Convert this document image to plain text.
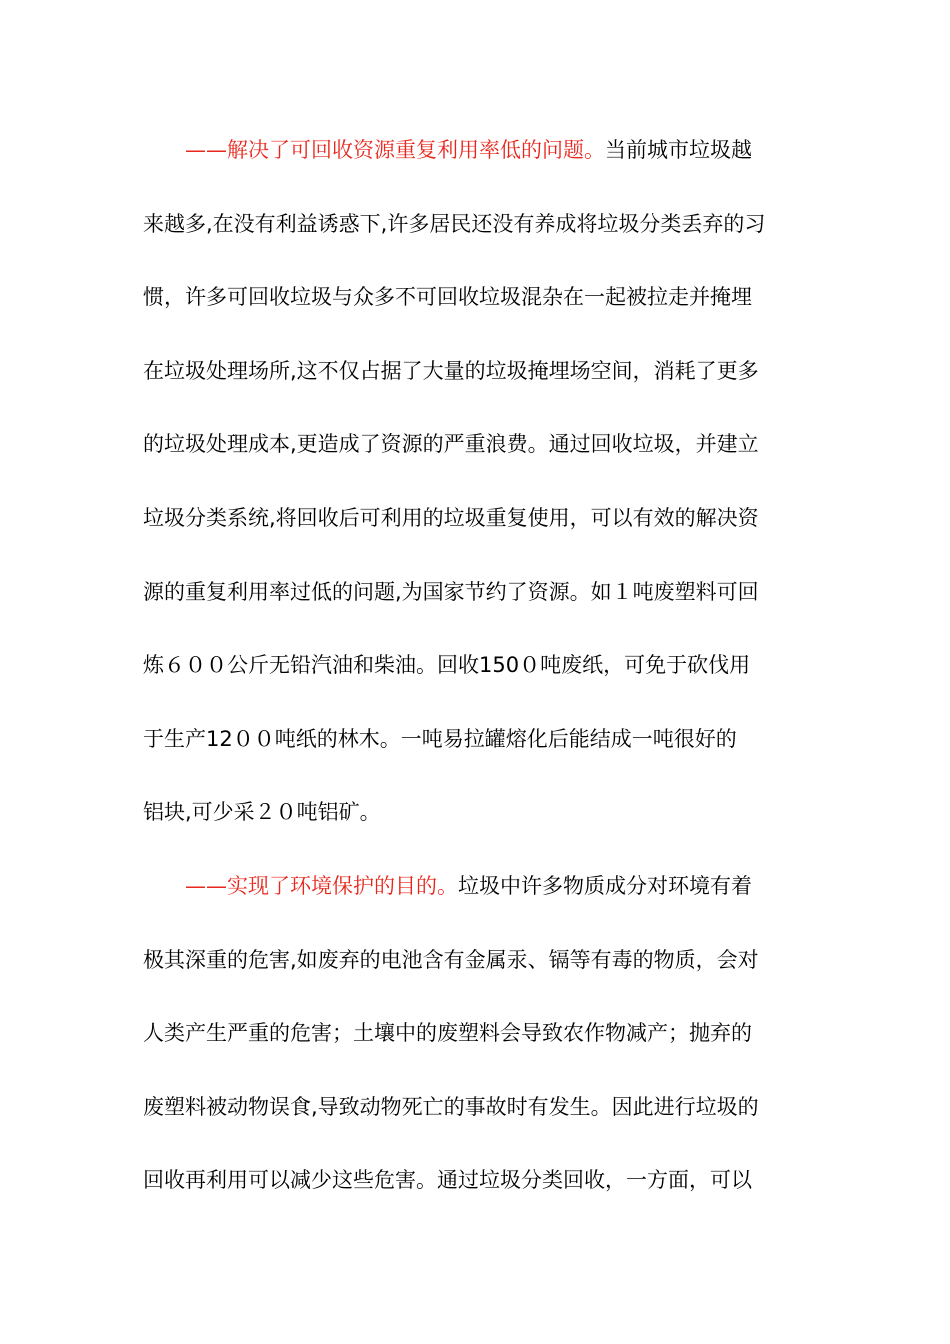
——解决了可回收资源重复利用率低的问题。当前城市垃圾越
来越多,在没有利益诱惑下,许多居民还没有养成将垃圾分类丢弃的习
惯，许多可回收垃圾与众多不可回收垃圾混杂在一起被拉走并掩埋
在垃圾处理场所,这不仅占据了大量的垃圾掩埋场空间，消耗了更多
的垃圾处理成本,更造成了资源的严重浪费。通过回收垃圾，并建立
垃圾分类系统,将回收后可利用的垃圾重复使用，可以有效的解决资
源的重复利用率过低的问题,为国家节约了资源。如１吨废塑料可回
炼６００公斤无铅汽油和柴油。回收150０吨废纸，可免于砍伐用
于生产12００吨纸的林木。一吨易拉罐熔化后能结成一吨很好的
铝块,可少采２０吨铝矿。
——实现了环境保护的目的。垃圾中许多物质成分对环境有着
极其深重的危害,如废弃的电池含有金属汞、镉等有毒的物质，会对
人类产生严重的危害；土壤中的废塑料会导致农作物减产；抛弃的
废塑料被动物误食,导致动物死亡的事故时有发生。因此进行垃圾的
回收再利用可以减少这些危害。通过垃圾分类回收，一方面，可以
